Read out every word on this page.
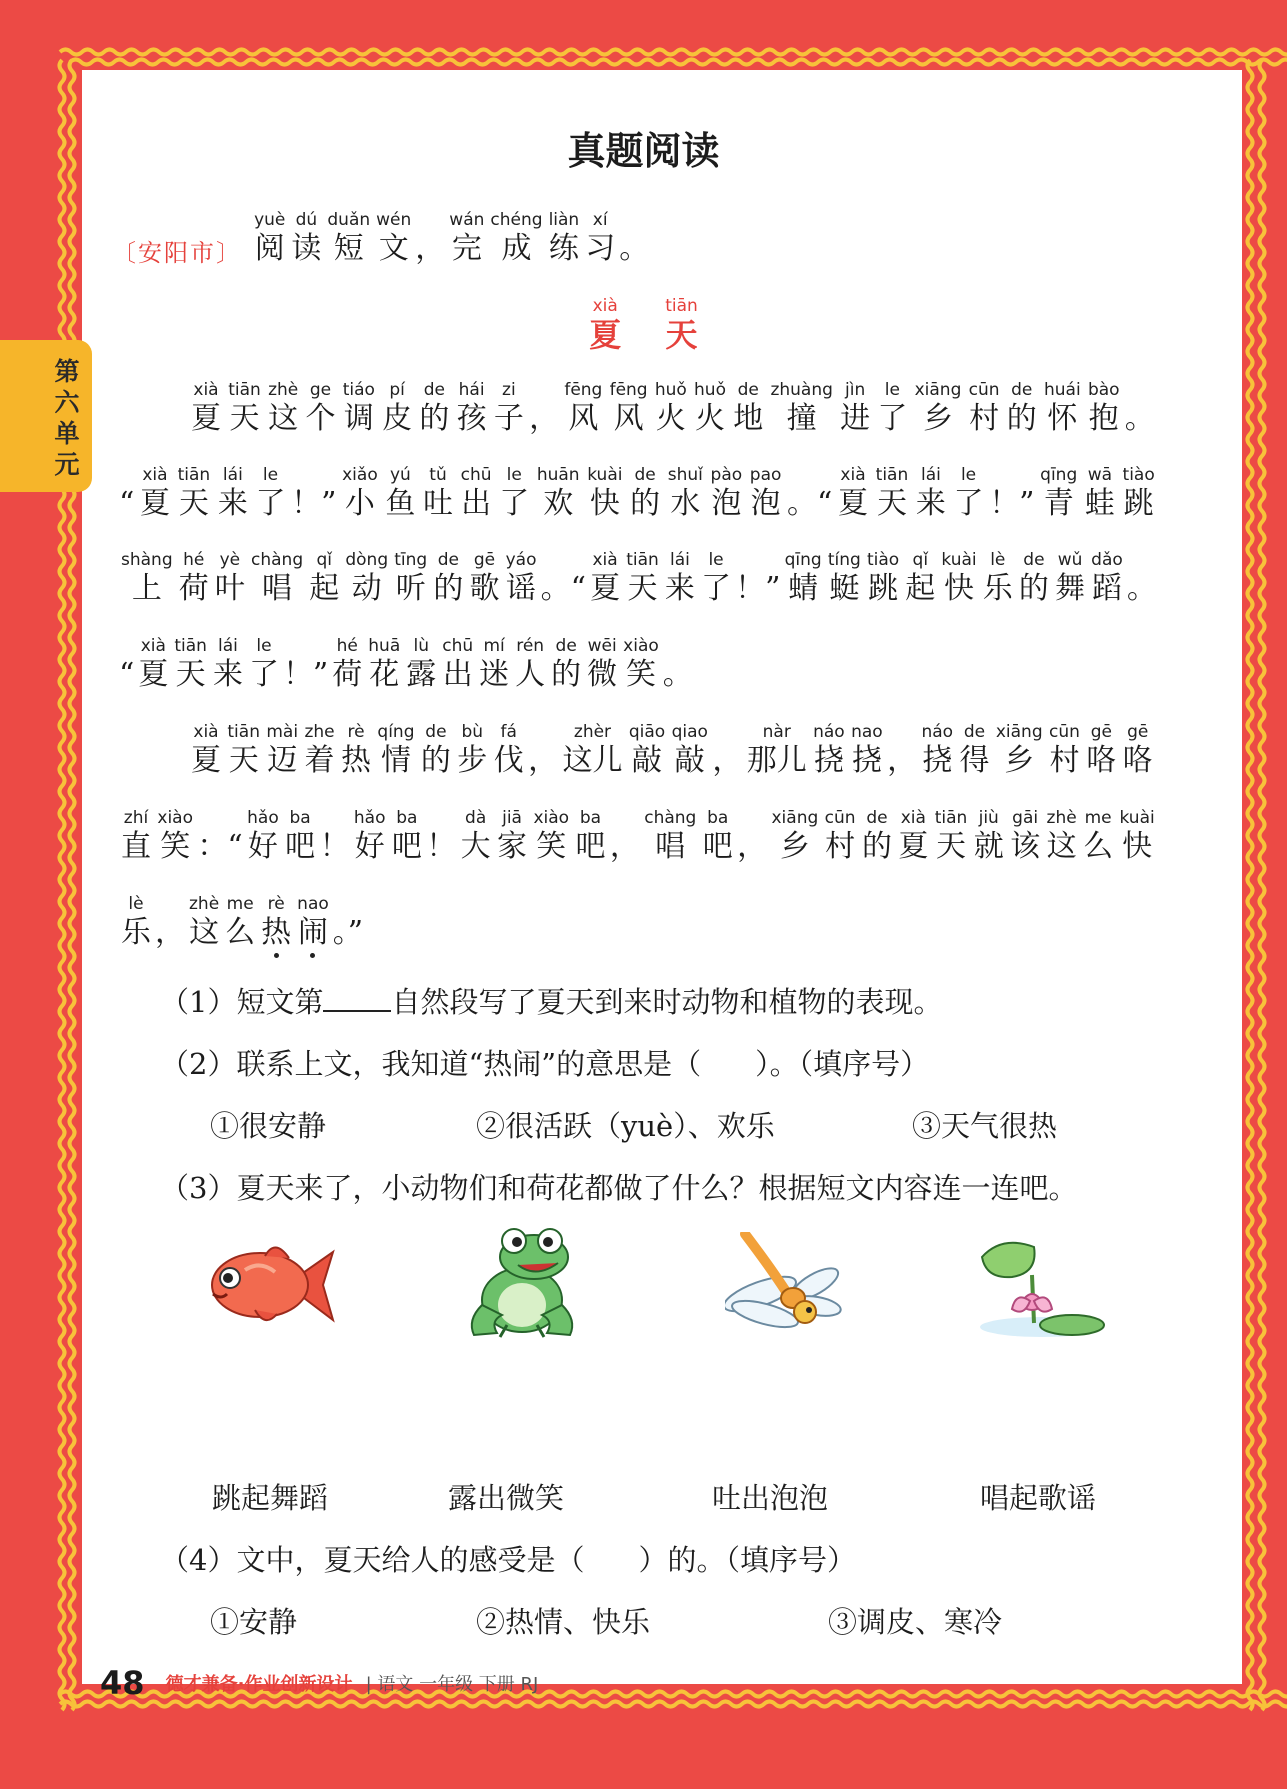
第六单元
真题阅读
〔安阳市〕
yuè
阅
dú
读
duǎn
短
wén
文 ，
wán
完
chéng
成
liàn
练
xí
习 。
xià
夏
tiān
天
xià
夏
tiān
天
zhè
这
ge
个
tiáo
调
pí
皮
de
的
hái
孩
zi
子 ，
fēng
风
fēng
风
huǒ
火
huǒ
火
de
地
zhuàng
撞
jìn
进
le
了
xiāng
乡
cūn
村
de
的
huái
怀
bào
抱 。
“
xià
夏
tiān
天
lái
来
le
了 ！”
xiǎo
小
yú
鱼
tǔ
吐
chū
出
le
了
huān
欢
kuài
快
de
的
shuǐ
水
pào
泡
pao
泡 。“
xià
夏
tiān
天
lái
来
le
了 ！”
qīng
青
wā
蛙
tiào
跳
shàng
上
hé
荷
yè
叶
chàng
唱
qǐ
起
dòng
动
tīng
听
de
的
gē
歌
yáo
谣 。“
xià
夏
tiān
天
lái
来
le
了 ！”
qīng
蜻
tíng
蜓
tiào
跳
qǐ
起
kuài
快
lè
乐
de
的
wǔ
舞
dǎo
蹈 。
“
xià
夏
tiān
天
lái
来
le
了 ！”
hé
荷
huā
花
lù
露
chū
出
mí
迷
rén
人
de
的
wēi
微
xiào
笑 。
xià
夏
tiān
天
mài
迈
zhe
着
rè
热
qíng
情
de
的
bù
步
fá
伐 ，
zhèr
这儿
qiāo
敲
qiao
敲 ，
nàr
那儿
náo
挠
nao
挠 ，
náo
挠
de
得
xiāng
乡
cūn
村
gē
咯
gē
咯
zhí
直
xiào
笑 ：“
hǎo
好
ba
吧 ！
hǎo
好
ba
吧 ！
dà
大
jiā
家
xiào
笑
ba
吧 ，
chàng
唱
ba
吧 ，
xiāng
乡
cūn
村
de
的
xià
夏
tiān
天
jiù
就
gāi
该
zhè
这
me
么
kuài
快
lè
乐 ，
zhè
这
me
么
rè
热
nao
闹 。”
（1）短文第 自然段写了夏天到来时动物和植物的表现。
（2）联系上文，我知道“热闹”的意思是（ ）。（填序号）
①很安静	②很活跃（yuè）、欢乐	③天气很热
（3）夏天来了，小动物们和荷花都做了什么？根据短文内容连一连吧。
跳起舞蹈	露出微笑	吐出泡泡	唱起歌谣
（4）文中，夏天给人的感受是（ ）的。（填序号）
①安静	②热情、快乐	③调皮、寒冷
48 德才兼备·作业创新设计 | 语文 一年级 下册 RJ
